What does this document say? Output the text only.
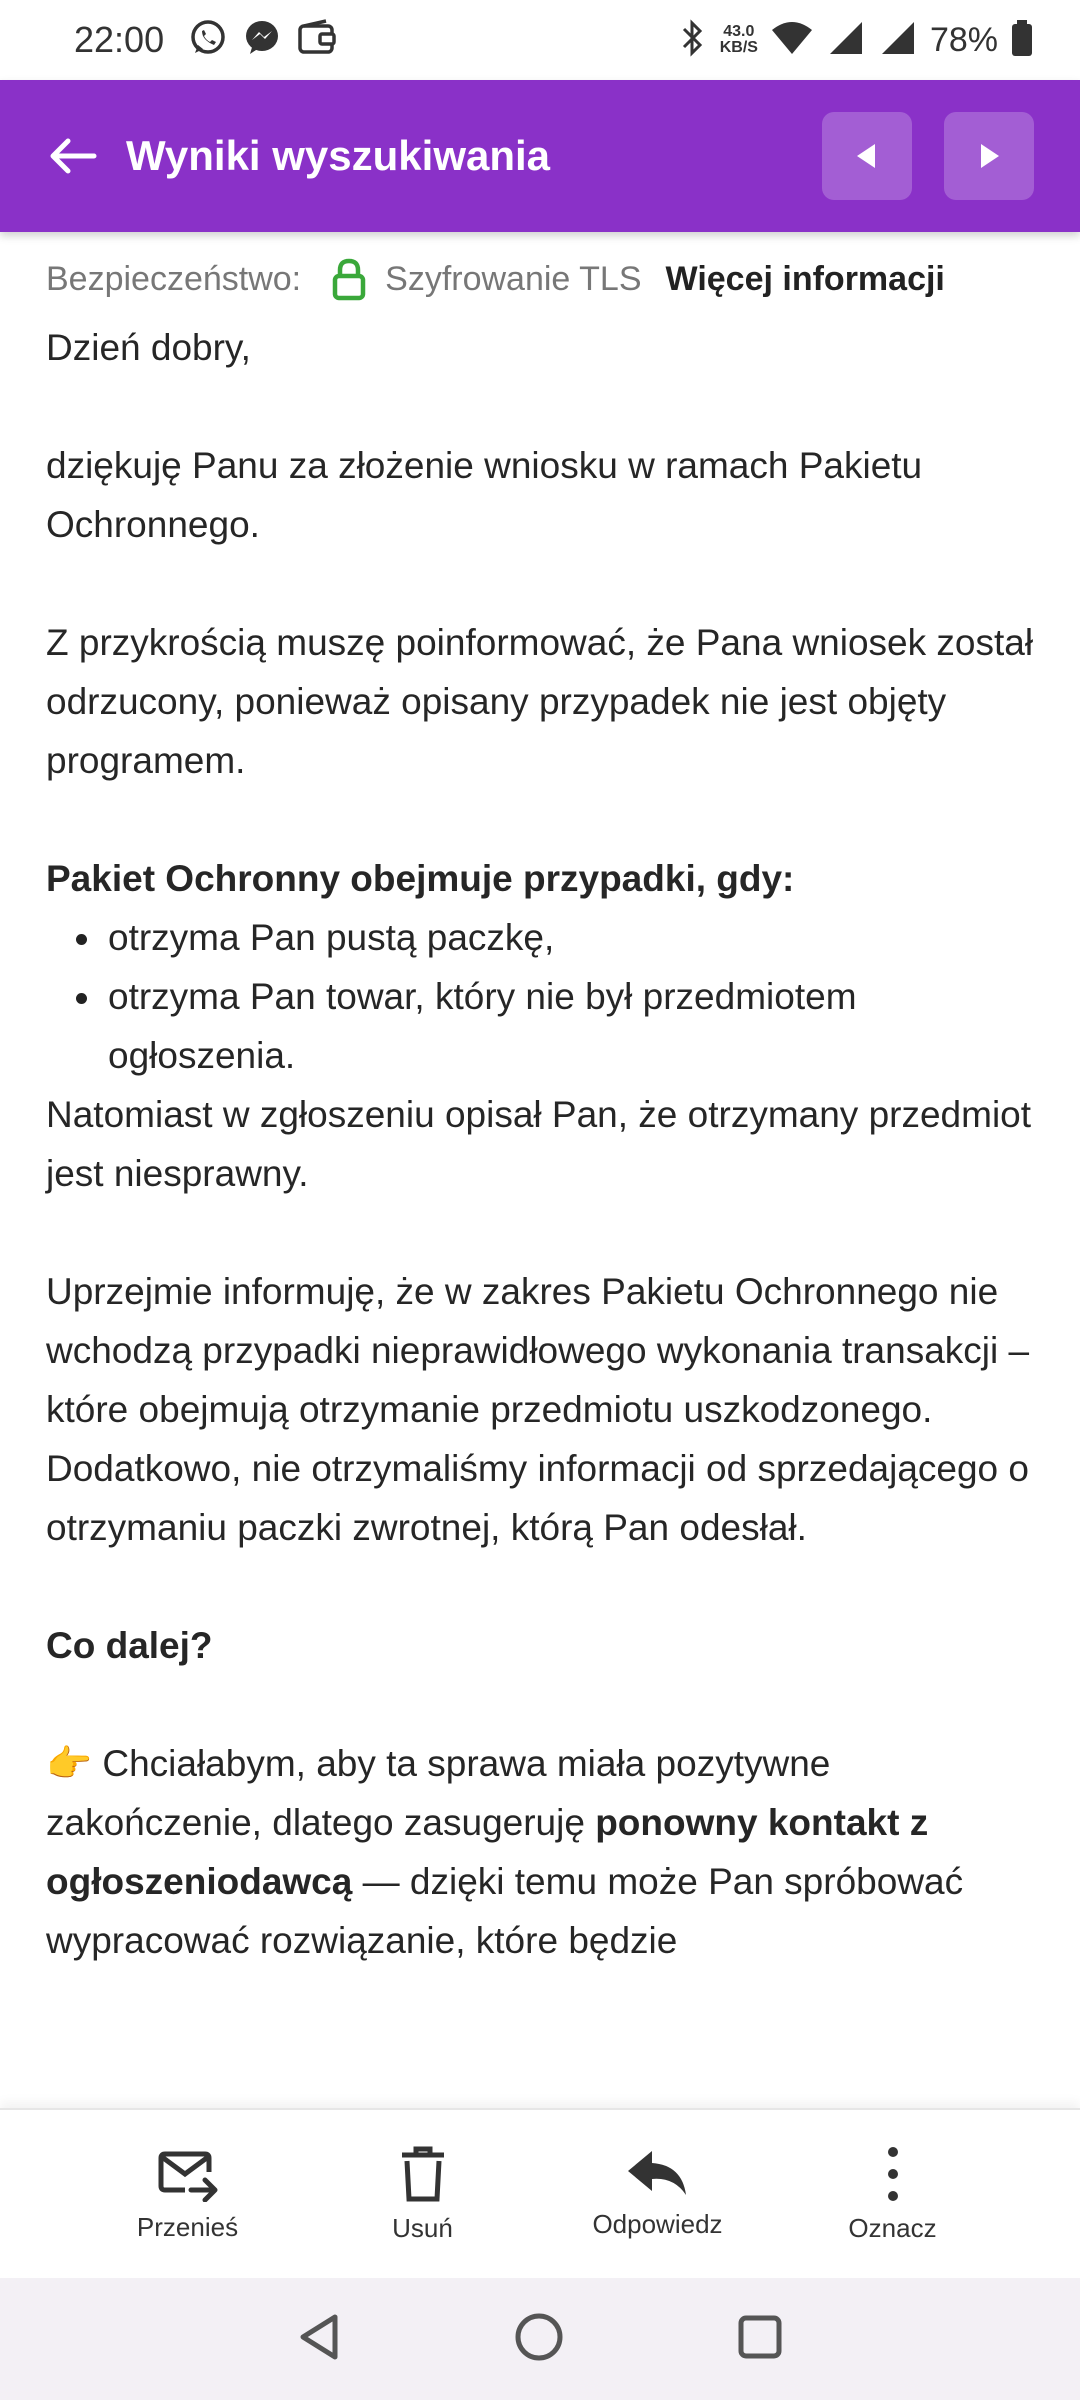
22:00	43.0
KB/S	78%
Wyniki wyszukiwania
Bezpieczeństwo: Szyfrowanie TLS Więcej informacji

Dzień dobry,

dziękuję Panu za złożenie wniosku w ramach Pakietu Ochronnego.

Z przykrością muszę poinformować, że Pana wniosek został odrzucony, ponieważ opisany przypadek nie jest objęty programem.

Pakiet Ochronny obejmuje przypadki, gdy:

otrzyma Pan pustą paczkę,
otrzyma Pan towar, który nie był przedmiotem ogłoszenia.

Natomiast w zgłoszeniu opisał Pan, że otrzymany przedmiot jest niesprawny.

Uprzejmie informuję, że w zakres Pakietu Ochronnego nie wchodzą przypadki nieprawidłowego wykonania transakcji – które obejmują otrzymanie przedmiotu uszkodzonego. Dodatkowo, nie otrzymaliśmy informacji od sprzedającego o otrzymaniu paczki zwrotnej, którą Pan odesłał.

Co dalej?

👉 Chciałabym, aby ta sprawa miała pozytywne zakończenie, dlatego zasugeruję ponowny kontakt z ogłoszeniodawcą — dzięki temu może Pan spróbować wypracować rozwiązanie, które będzie

Przenieś	Usuń	Odpowiedz	Oznacz
